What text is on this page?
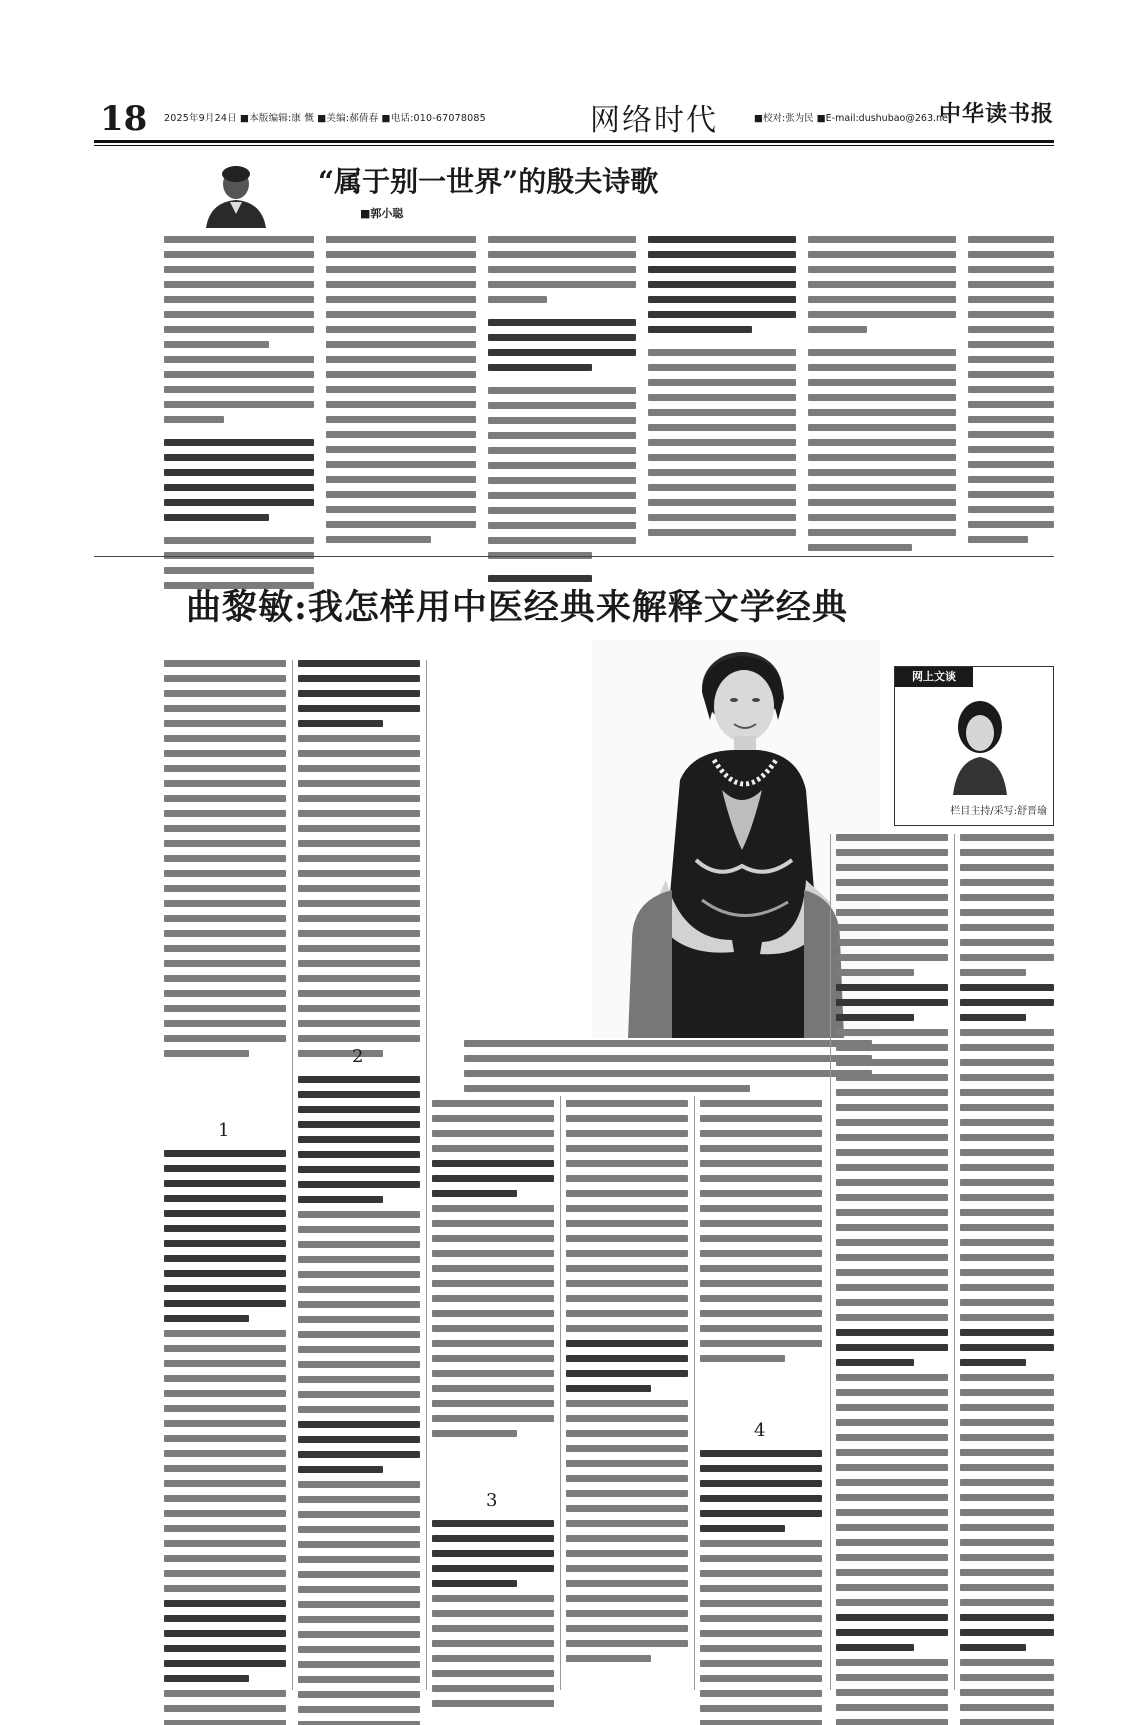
18 2025年9月24日 ■本版编辑:康 慨 ■美编:郝倩春 ■电话:010-67078085	网络时代	■校对:张为民 ■E-mail:dushubao@263.net
中华读书报
“属于别一世界”的殷夫诗歌
■郭小聪
曲黎敏:我怎样用中医经典来解释文学经典
1
2
3
4
网上文谈
栏目主持/采写:舒晋瑜
